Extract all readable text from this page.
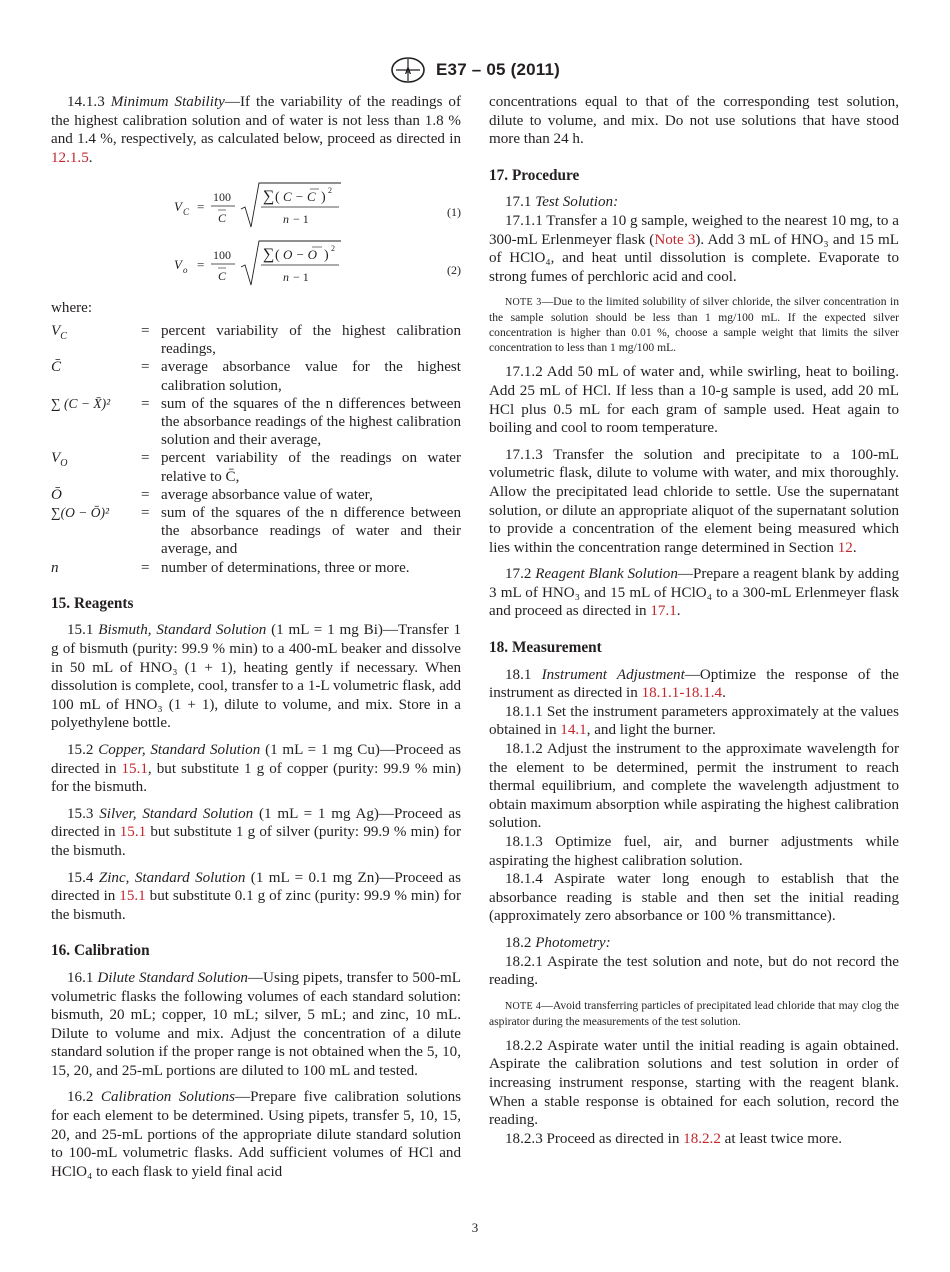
A E37 – 05 (2011)

14.1.3 Minimum Stability—If the variability of the readings of the highest calibration solution and of water is not less than 1.8 % and 1.4 %, respectively, as calculated below, proceed as directed in 12.1.5.

V C =
100
C
∑ ( C − C ) 2
n − 1	(1)
V o =
100
C
∑ ( O − O ) 2
n − 1	(2)

where:

$V_C$	= percent variability of the highest calibration readings,
C̄	= average absorbance value for the highest calibration solution,
∑ (C − X̄)²	= sum of the squares of the n differences between the absorbance readings of the highest calibration solution and their average,
$V_O$	= percent variability of the readings on water relative to C̄,
Ō	= average absorbance value of water,
∑(O − Ō)²	= sum of the squares of the n difference between the absorbance readings of water and their average, and
n	= number of determinations, three or more.
15. Reagents

15.1 Bismuth, Standard Solution (1 mL = 1 mg Bi)—Transfer 1 g of bismuth (purity: 99.9 % min) to a 400-mL beaker and dissolve in 50 mL of HNO₃ (1 + 1), heating gently if necessary. When dissolution is complete, cool, transfer to a 1-L volumetric flask, add 100 mL of HNO₃ (1 + 1), dilute to volume, and mix. Store in a polyethylene bottle.

15.2 Copper, Standard Solution (1 mL = 1 mg Cu)—Proceed as directed in 15.1, but substitute 1 g of copper (purity: 99.9 % min) for the bismuth.

15.3 Silver, Standard Solution (1 mL = 1 mg Ag)—Proceed as directed in 15.1 but substitute 1 g of silver (purity: 99.9 % min) for the bismuth.

15.4 Zinc, Standard Solution (1 mL = 0.1 mg Zn)—Proceed as directed in 15.1 but substitute 0.1 g of zinc (purity: 99.9 % min) for the bismuth.

16. Calibration

16.1 Dilute Standard Solution—Using pipets, transfer to 500-mL volumetric flasks the following volumes of each standard solution: bismuth, 20 mL; copper, 10 mL; silver, 5 mL; and zinc, 10 mL. Dilute to volume and mix. Adjust the concentration of a dilute standard solution if the proper range is not obtained when the 5, 10, 15, 20, and 25-mL portions are diluted to 100 mL and tested.

16.2 Calibration Solutions—Prepare five calibration solutions for each element to be determined. Using pipets, transfer 5, 10, 15, 20, and 25-mL portions of the appropriate dilute standard solution to 100-mL volumetric flasks. Add sufficient volumes of HCl and HClO₄ to each flask to yield final acid

concentrations equal to that of the corresponding test solution, dilute to volume, and mix. Do not use solutions that have stood more than 24 h.

17. Procedure

17.1 Test Solution:

17.1.1 Transfer a 10 g sample, weighed to the nearest 10 mg, to a 300-mL Erlenmeyer flask (Note 3). Add 3 mL of HNO₃ and 15 mL of HClO₄, and heat until dissolution is complete. Evaporate to strong fumes of perchloric acid and cool.

NOTE 3—Due to the limited solubility of silver chloride, the silver concentration in the sample solution should be less than 1 mg/100 mL. If the expected silver concentration is higher than 0.01 %, choose a sample weight that limits the silver concentration to less than 1 mg/100 mL.

17.1.2 Add 50 mL of water and, while swirling, heat to boiling. Add 25 mL of HCl. If less than a 10-g sample is used, add 20 mL HCl plus 0.5 mL for each gram of sample used. Heat again to boiling and cool to room temperature.

17.1.3 Transfer the solution and precipitate to a 100-mL volumetric flask, dilute to volume with water, and mix thoroughly. Allow the precipitated lead chloride to settle. Use the supernatant solution, or dilute an appropriate aliquot of the supernatant solution to provide a concentration of the element being measured which lies within the concentration range determined in Section 12.

17.2 Reagent Blank Solution—Prepare a reagent blank by adding 3 mL of HNO₃ and 15 mL of HClO₄ to a 300-mL Erlenmeyer flask and proceed as directed in 17.1.

18. Measurement

18.1 Instrument Adjustment—Optimize the response of the instrument as directed in 18.1.1-18.1.4.

18.1.1 Set the instrument parameters approximately at the values obtained in 14.1, and light the burner.

18.1.2 Adjust the instrument to the approximate wavelength for the element to be determined, permit the instrument to reach thermal equilibrium, and complete the wavelength adjustment to obtain maximum absorption while aspirating the highest calibration solution.

18.1.3 Optimize fuel, air, and burner adjustments while aspirating the highest calibration solution.

18.1.4 Aspirate water long enough to establish that the absorbance reading is stable and then set the initial reading (approximately zero absorbance or 100 % transmittance).

18.2 Photometry:

18.2.1 Aspirate the test solution and note, but do not record the reading.

NOTE 4—Avoid transferring particles of precipitated lead chloride that may clog the aspirator during the measurements of the test solution.

18.2.2 Aspirate water until the initial reading is again obtained. Aspirate the calibration solutions and test solution in order of increasing instrument response, starting with the reagent blank. When a stable response is obtained for each solution, record the reading.

18.2.3 Proceed as directed in 18.2.2 at least twice more.

3
